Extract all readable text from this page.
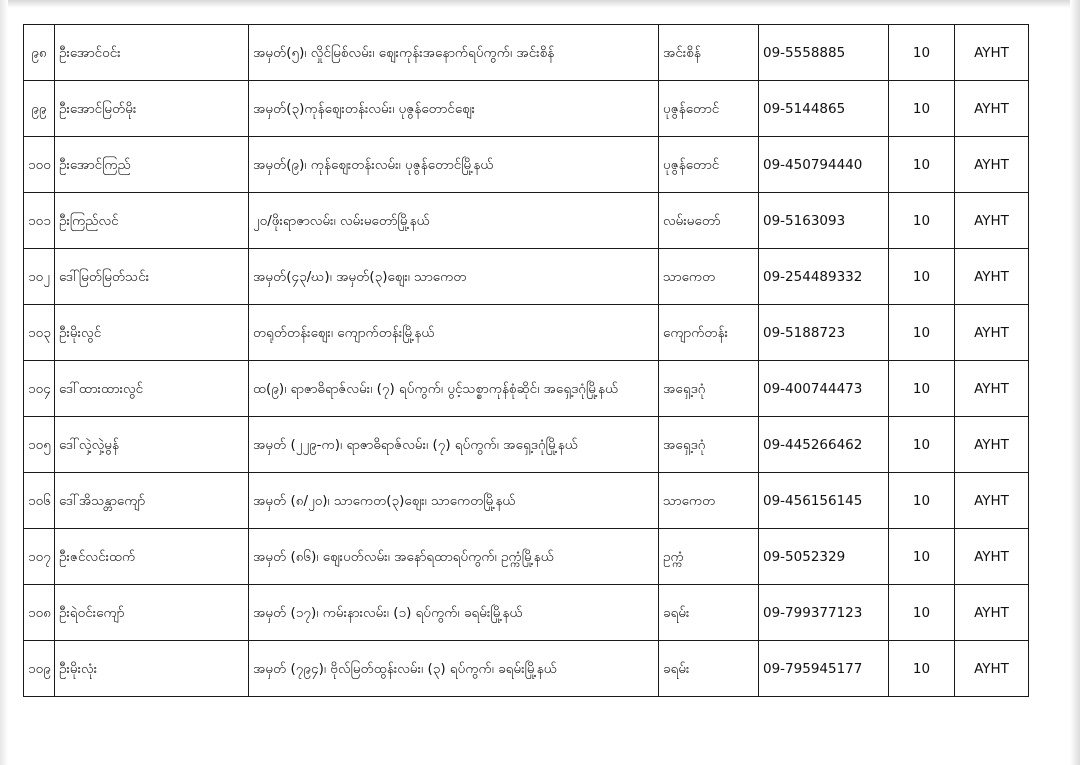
၉၈	ဦးအောင်ဝင်း	အမှတ်(၅)၊ လှိုင်မြစ်လမ်း၊ ဈေးကုန်းအနောက်ရပ်ကွက်၊ အင်းစိန်	အင်းစိန်	09-5558885	10	AYHT
၉၉	ဦးအောင်မြတ်မိုး	အမှတ်(၃)ကုန်ဈေးတန်းလမ်း၊ ပုဇွန်တောင်ဈေး	ပုဇွန်တောင်	09-5144865	10	AYHT
၁၀၀	ဦးအောင်ကြည်	အမှတ်(၉)၊ ကုန်ဈေးတန်းလမ်း၊ ပုဇွန်တောင်မြို့နယ်	ပုဇွန်တောင်	09-450794440	10	AYHT
၁၀၁	ဦးကြည်လင်	၂၀/ဖိုးရာဇာလမ်း၊ လမ်းမတော်မြို့နယ်	လမ်းမတော်	09-5163093	10	AYHT
၁၀၂	ဒေါ်မြတ်မြတ်သင်း	အမှတ်(၄၃/ဃ)၊ အမှတ်(၃)ဈေး၊ သာကေတ	သာကေတ	09-254489332	10	AYHT
၁၀၃	ဦးမိုးလွင်	တရုတ်တန်းဈေး၊ ကျောက်တန်းမြို့နယ်	ကျောက်တန်း	09-5188723	10	AYHT
၁၀၄	ဒေါ်ထားထားလွင်	ထ(၉)၊ ရာဇာဓိရာဇ်လမ်း၊ (၇) ရပ်ကွက်၊ ပွင့်သစ္စာကုန်စုံဆိုင်၊ အရှေ့ဒဂုံမြို့နယ်	အရှေ့ဒဂုံ	09-400744473	10	AYHT
၁၀၅	ဒေါ်လှဲ့လှဲ့မွန်	အမှတ် (၂၂၉-က)၊ ရာဇာဓိရာဇ်လမ်း၊ (၇) ရပ်ကွက်၊ အရှေ့ဒဂုံမြို့နယ်	အရှေ့ဒဂုံ	09-445266462	10	AYHT
၁၀၆	ဒေါ်အိသန္တာကျော်	အမှတ် (၈/၂၀)၊ သာကေတ(၃)ဈေး၊ သာကေတမြို့နယ်	သာကေတ	09-456156145	10	AYHT
၁၀၇	ဦးဇင်လင်းထက်	အမှတ် (၈၆)၊ ဈေးပတ်လမ်း၊ အနော်ရထာရပ်ကွက်၊ ဥက္ကံမြို့နယ်	ဥက္ကံ	09-5052329	10	AYHT
၁၀၈	ဦးရဲဝင်းကျော်	အမှတ် (၁၇)၊ ကမ်းနားလမ်း၊ (၁) ရပ်ကွက်၊ ခရမ်းမြို့နယ်	ခရမ်း	09-799377123	10	AYHT
၁၀၉	ဦးမိုးလုံး	အမှတ် (၇၉၄)၊ ဗိုလ်မြတ်ထွန်းလမ်း၊ (၃) ရပ်ကွက်၊ ခရမ်းမြို့နယ်	ခရမ်း	09-795945177	10	AYHT
